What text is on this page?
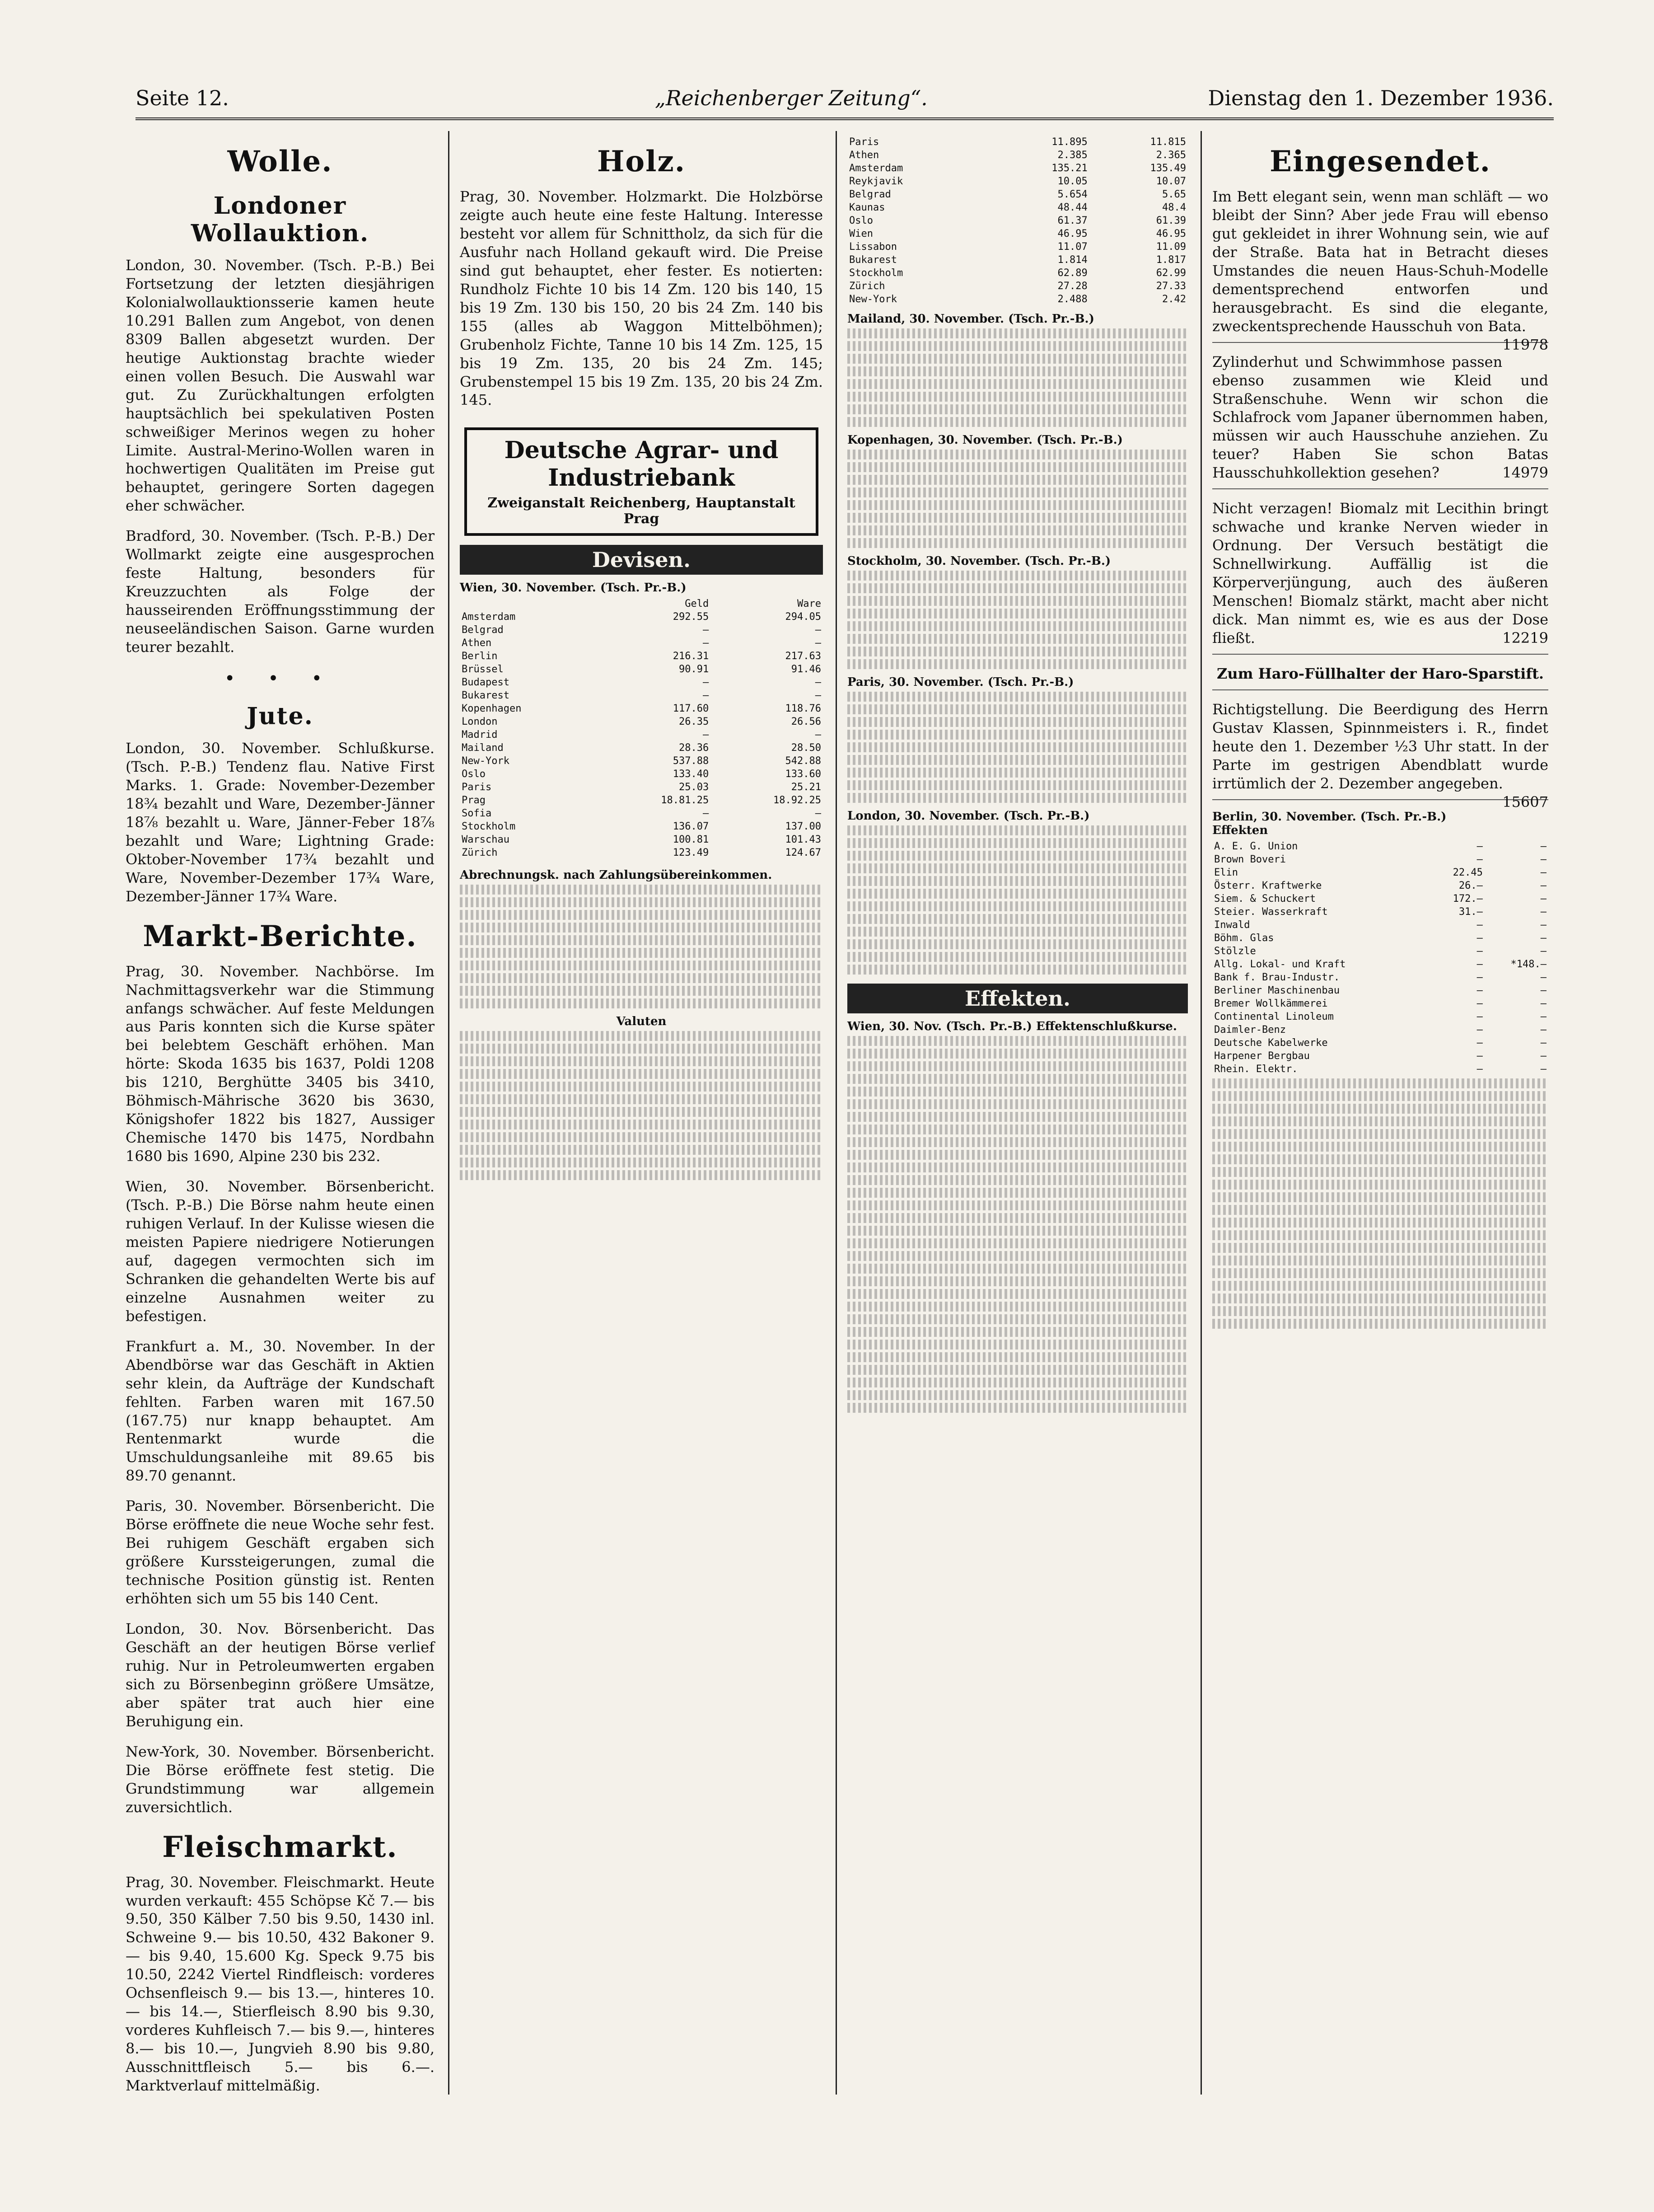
Seite 12.	„Reichenberger Zeitung“.	Dienstag den 1. Dezember 1936.
Wolle.
Londoner Wollauktion.

London, 30. November. (Tsch. P.-B.) Bei Fortsetzung der letzten diesjährigen Kolonialwollauktionsserie kamen heute 10.291 Ballen zum Angebot, von denen 8309 Ballen abgesetzt wurden. Der heutige Auktionstag brachte wieder einen vollen Besuch. Die Auswahl war gut. Zu Zurückhaltungen erfolgten hauptsächlich bei spekulativen Posten schweißiger Merinos wegen zu hoher Limite. Austral-Merino-Wollen waren in hochwertigen Qualitäten im Preise gut behauptet, geringere Sorten dagegen eher schwächer.

Bradford, 30. November. (Tsch. P.-B.) Der Wollmarkt zeigte eine ausgesprochen feste Haltung, besonders für Kreuzzuchten als Folge der hausseirenden Eröffnungsstimmung der neuseeländischen Saison. Garne wurden teurer bezahlt.

• • •
Jute.

London, 30. November. Schlußkurse. (Tsch. P.-B.) Tendenz flau. Native First Marks. 1. Grade: November-Dezember 18¾ bezahlt und Ware, Dezember-Jänner 18⅞ bezahlt u. Ware, Jänner-Feber 18⅞ bezahlt und Ware; Lightning Grade: Oktober-November 17¾ bezahlt und Ware, November-Dezember 17¾ Ware, Dezember-Jänner 17¾ Ware.

Markt-Berichte.

Prag, 30. November. Nachbörse. Im Nachmittagsverkehr war die Stimmung anfangs schwächer. Auf feste Meldungen aus Paris konnten sich die Kurse später bei belebtem Geschäft erhöhen. Man hörte: Skoda 1635 bis 1637, Poldi 1208 bis 1210, Berghütte 3405 bis 3410, Böhmisch-Mährische 3620 bis 3630, Königshofer 1822 bis 1827, Aussiger Chemische 1470 bis 1475, Nordbahn 1680 bis 1690, Alpine 230 bis 232.

Wien, 30. November. Börsenbericht. (Tsch. P.-B.) Die Börse nahm heute einen ruhigen Verlauf. In der Kulisse wiesen die meisten Papiere niedrigere Notierungen auf, dagegen vermochten sich im Schranken die gehandelten Werte bis auf einzelne Ausnahmen weiter zu befestigen.

Frankfurt a. M., 30. November. In der Abendbörse war das Geschäft in Aktien sehr klein, da Aufträge der Kundschaft fehlten. Farben waren mit 167.50 (167.75) nur knapp behauptet. Am Rentenmarkt wurde die Umschuldungsanleihe mit 89.65 bis 89.70 genannt.

Paris, 30. November. Börsenbericht. Die Börse eröffnete die neue Woche sehr fest. Bei ruhigem Geschäft ergaben sich größere Kurssteigerungen, zumal die technische Position günstig ist. Renten erhöhten sich um 55 bis 140 Cent.

London, 30. Nov. Börsenbericht. Das Geschäft an der heutigen Börse verlief ruhig. Nur in Petroleumwerten ergaben sich zu Börsenbeginn größere Umsätze, aber später trat auch hier eine Beruhigung ein.

New-York, 30. November. Börsenbericht. Die Börse eröffnete fest stetig. Die Grundstimmung war allgemein zuversichtlich.

Fleischmarkt.

Prag, 30. November. Fleischmarkt. Heute wurden verkauft: 455 Schöpse Kč 7.— bis 9.50, 350 Kälber 7.50 bis 9.50, 1430 inl. Schweine 9.— bis 10.50, 432 Bakoner 9.— bis 9.40, 15.600 Kg. Speck 9.75 bis 10.50, 2242 Viertel Rindfleisch: vorderes Ochsenfleisch 9.— bis 13.—, hinteres 10.— bis 14.—, Stierfleisch 8.90 bis 9.30, vorderes Kuhfleisch 7.— bis 9.—, hinteres 8.— bis 10.—, Jungvieh 8.90 bis 9.80, Ausschnittfleisch 5.— bis 6.—. Marktverlauf mittelmäßig.

Holz.

Prag, 30. November. Holzmarkt. Die Holzbörse zeigte auch heute eine feste Haltung. Interesse besteht vor allem für Schnittholz, da sich für die Ausfuhr nach Holland gekauft wird. Die Preise sind gut behauptet, eher fester. Es notierten: Rundholz Fichte 10 bis 14 Zm. 120 bis 140, 15 bis 19 Zm. 130 bis 150, 20 bis 24 Zm. 140 bis 155 (alles ab Waggon Mittelböhmen); Grubenholz Fichte, Tanne 10 bis 14 Zm. 125, 15 bis 19 Zm. 135, 20 bis 24 Zm. 145; Grubenstempel 15 bis 19 Zm. 135, 20 bis 24 Zm. 145.

Deutsche Agrar- und Industriebank
Zweiganstalt Reichenberg, Hauptanstalt Prag
Devisen.
Wien, 30. November. (Tsch. Pr.-B.)
	Geld	Ware
Amsterdam	292.55	294.05
Belgrad	—	—
Athen	—	—
Berlin	216.31	217.63
Brüssel	90.91	91.46
Budapest	—	—
Bukarest	—	—
Kopenhagen	117.60	118.76
London	26.35	26.56
Madrid	—	—
Mailand	28.36	28.50
New-York	537.88	542.88
Oslo	133.40	133.60
Paris	25.03	25.21
Prag	18.81.25	18.92.25
Sofia	—	—
Stockholm	136.07	137.00
Warschau	100.81	101.43
Zürich	123.49	124.67
Abrechnungsk. nach Zahlungsübereinkommen.
Valuten
Paris	11.895	11.815
Athen	2.385	2.365
Amsterdam	135.21	135.49
Reykjavik	10.05	10.07
Belgrad	5.654	5.65
Kaunas	48.44	48.4
Oslo	61.37	61.39
Wien	46.95	46.95
Lissabon	11.07	11.09
Bukarest	1.814	1.817
Stockholm	62.89	62.99
Zürich	27.28	27.33
New-York	2.488	2.42
Mailand, 30. November. (Tsch. Pr.-B.)
Kopenhagen, 30. November. (Tsch. Pr.-B.)
Stockholm, 30. November. (Tsch. Pr.-B.)
Paris, 30. November. (Tsch. Pr.-B.)
London, 30. November. (Tsch. Pr.-B.)
Effekten.
Wien, 30. Nov. (Tsch. Pr.-B.) Effektenschlußkurse.
Eingesendet.

Im Bett elegant sein, wenn man schläft — wo bleibt der Sinn? Aber jede Frau will ebenso gut gekleidet in ihrer Wohnung sein, wie auf der Straße. Bata hat in Betracht dieses Umstandes die neuen Haus-Schuh-Modelle dementsprechend entworfen und herausgebracht. Es sind die elegante, zweckentsprechende Hausschuh von Bata.
11978

Zylinderhut und Schwimmhose passen ebenso zusammen wie Kleid und Straßenschuhe. Wenn wir schon die Schlafrock vom Japaner übernommen haben, müssen wir auch Hausschuhe anziehen. Zu teuer? Haben Sie schon Batas Hausschuhkollektion gesehen?	14979

Nicht verzagen! Biomalz mit Lecithin bringt schwache und kranke Nerven wieder in Ordnung. Der Versuch bestätigt die Schnellwirkung. Auffällig ist die Körperverjüngung, auch des äußeren Menschen! Biomalz stärkt, macht aber nicht dick. Man nimmt es, wie es aus der Dose fließt.	12219

Zum Haro-Füllhalter der Haro-Sparstift.

Richtigstellung. Die Beerdigung des Herrn Gustav Klassen, Spinnmeisters i. R., findet heute den 1. Dezember ½3 Uhr statt. In der Parte im gestrigen Abendblatt wurde irrtümlich der 2. Dezember angegeben.
15607

Berlin, 30. November. (Tsch. Pr.-B.) Effekten
A. E. G. Union	—	—
Brown Boveri	—	—
Elin	22.45	—
Österr. Kraftwerke	26.—	—
Siem. & Schuckert	172.—	—
Steier. Wasserkraft	31.—	—
Inwald	—	—
Böhm. Glas	—	—
Stölzle	—	—
Allg. Lokal- und Kraft	—	*148.—
Bank f. Brau-Industr.	—	—
Berliner Maschinenbau	—	—
Bremer Wollkämmerei	—	—
Continental Linoleum	—	—
Daimler-Benz	—	—
Deutsche Kabelwerke	—	—
Harpener Bergbau	—	—
Rhein. Elektr.	—	—
